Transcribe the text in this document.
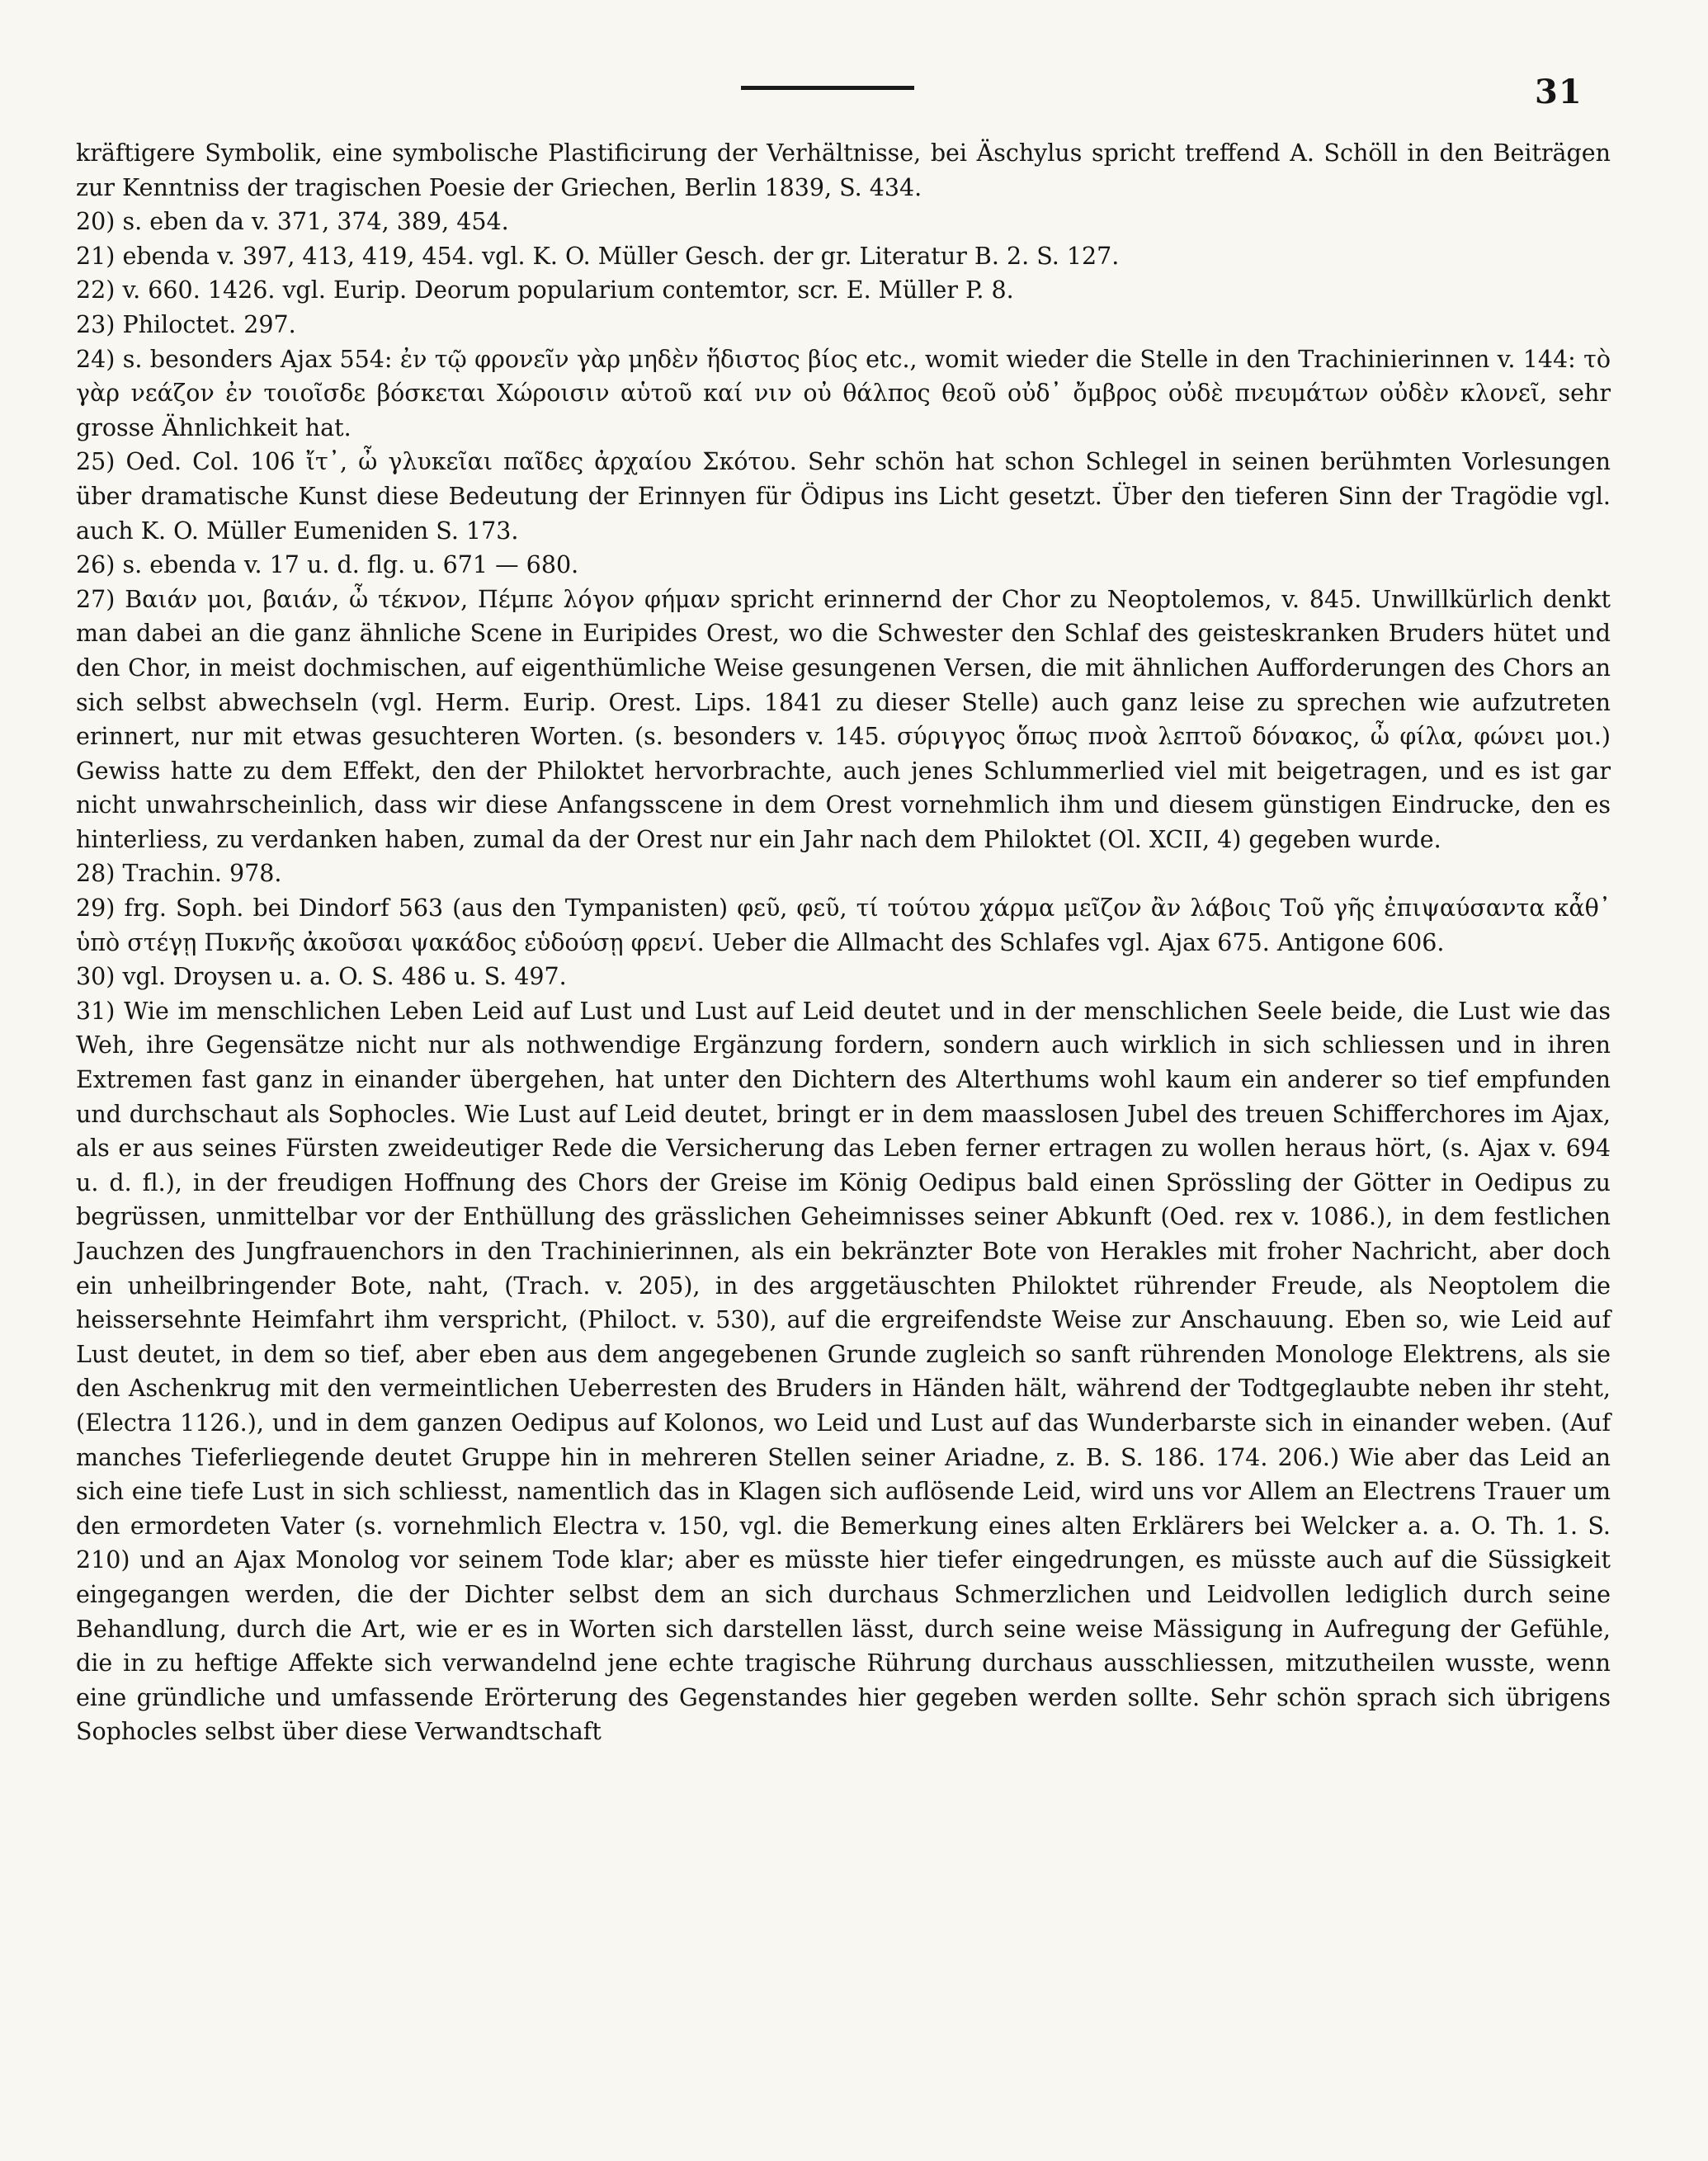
31

kräftigere Symbolik, eine symbolische Plastificirung der Verhältnisse, bei Äschylus spricht treffend A. Schöll in den Beiträgen zur Kenntniss der tragischen Poesie der Griechen, Berlin 1839, S. 434.

20) s. eben da v. 371, 374, 389, 454.

21) ebenda v. 397, 413, 419, 454. vgl. K. O. Müller Gesch. der gr. Literatur B. 2. S. 127.

22) v. 660. 1426. vgl. Eurip. Deorum popularium contemtor, scr. E. Müller P. 8.

23) Philoctet. 297.

24) s. besonders Ajax 554: ἐν τῷ φρονεῖν γὰρ μηδὲν ἥδιστος βίος etc., womit wieder die Stelle in den Trachinierinnen v. 144: τὸ γὰρ νεάζον ἐν τοιοῖσδε βόσκεται Χώροισιν αὑτοῦ καί νιν οὐ θάλπος θεοῦ οὐδ᾽ ὄμβρος οὐδὲ πνευμάτων οὐδὲν κλονεῖ, sehr grosse Ähnlichkeit hat.

25) Oed. Col. 106 ἴτ᾽, ὦ γλυκεῖαι παῖδες ἀρχαίου Σκότου. Sehr schön hat schon Schlegel in seinen berühmten Vorlesungen über dramatische Kunst diese Bedeutung der Erinnyen für Ödipus ins Licht gesetzt. Über den tieferen Sinn der Tragödie vgl. auch K. O. Müller Eumeniden S. 173.

26) s. ebenda v. 17 u. d. flg. u. 671 — 680.

27) Βαιάν μοι, βαιάν, ὦ τέκνον, Πέμπε λόγον φήμαν spricht erinnernd der Chor zu Neoptolemos, v. 845. Unwillkürlich denkt man dabei an die ganz ähnliche Scene in Euripides Orest, wo die Schwester den Schlaf des geisteskranken Bruders hütet und den Chor, in meist dochmischen, auf eigenthümliche Weise gesungenen Versen, die mit ähnlichen Aufforderungen des Chors an sich selbst abwechseln (vgl. Herm. Eurip. Orest. Lips. 1841 zu dieser Stelle) auch ganz leise zu sprechen wie aufzutreten erinnert, nur mit etwas gesuchteren Worten. (s. besonders v. 145. σύριγγος ὅπως πνοὰ λεπτοῦ δόνακος, ὦ φίλα, φώνει μοι.) Gewiss hatte zu dem Effekt, den der Philoktet hervorbrachte, auch jenes Schlummerlied viel mit beigetragen, und es ist gar nicht unwahrscheinlich, dass wir diese Anfangsscene in dem Orest vornehmlich ihm und diesem günstigen Eindrucke, den es hinterliess, zu verdanken haben, zumal da der Orest nur ein Jahr nach dem Philoktet (Ol. XCII, 4) gegeben wurde.

28) Trachin. 978.

29) frg. Soph. bei Dindorf 563 (aus den Tympanisten) φεῦ, φεῦ, τί τούτου χάρμα μεῖζον ἂν λάβοις Τοῦ γῆς ἐπιψαύσαντα κἆθ᾽ ὑπὸ στέγῃ Πυκνῆς ἀκοῦσαι ψακάδος εὑδούσῃ φρενί. Ueber die Allmacht des Schlafes vgl. Ajax 675. Antigone 606.

30) vgl. Droysen u. a. O. S. 486 u. S. 497.

31) Wie im menschlichen Leben Leid auf Lust und Lust auf Leid deutet und in der menschlichen Seele beide, die Lust wie das Weh, ihre Gegensätze nicht nur als nothwendige Ergänzung fordern, sondern auch wirklich in sich schliessen und in ihren Extremen fast ganz in einander übergehen, hat unter den Dichtern des Alterthums wohl kaum ein anderer so tief empfunden und durchschaut als Sophocles. Wie Lust auf Leid deutet, bringt er in dem maasslosen Jubel des treuen Schifferchores im Ajax, als er aus seines Fürsten zweideutiger Rede die Versicherung das Leben ferner ertragen zu wollen heraus hört, (s. Ajax v. 694 u. d. fl.), in der freudigen Hoffnung des Chors der Greise im König Oedipus bald einen Sprössling der Götter in Oedipus zu begrüssen, unmittelbar vor der Enthüllung des grässlichen Geheimnisses seiner Abkunft (Oed. rex v. 1086.), in dem festlichen Jauchzen des Jungfrauenchors in den Trachinierinnen, als ein bekränzter Bote von Herakles mit froher Nachricht, aber doch ein unheilbringender Bote, naht, (Trach. v. 205), in des arggetäuschten Philoktet rührender Freude, als Neoptolem die heissersehnte Heimfahrt ihm verspricht, (Philoct. v. 530), auf die ergreifendste Weise zur Anschauung. Eben so, wie Leid auf Lust deutet, in dem so tief, aber eben aus dem angegebenen Grunde zugleich so sanft rührenden Monologe Elektrens, als sie den Aschenkrug mit den vermeintlichen Ueberresten des Bruders in Händen hält, während der Todtgeglaubte neben ihr steht, (Electra 1126.), und in dem ganzen Oedipus auf Kolonos, wo Leid und Lust auf das Wunderbarste sich in einander weben. (Auf manches Tieferliegende deutet Gruppe hin in mehreren Stellen seiner Ariadne, z. B. S. 186. 174. 206.) Wie aber das Leid an sich eine tiefe Lust in sich schliesst, namentlich das in Klagen sich auflösende Leid, wird uns vor Allem an Electrens Trauer um den ermordeten Vater (s. vornehmlich Electra v. 150, vgl. die Bemerkung eines alten Erklärers bei Welcker a. a. O. Th. 1. S. 210) und an Ajax Monolog vor seinem Tode klar; aber es müsste hier tiefer eingedrungen, es müsste auch auf die Süssigkeit eingegangen werden, die der Dichter selbst dem an sich durchaus Schmerzlichen und Leidvollen lediglich durch seine Behandlung, durch die Art, wie er es in Worten sich darstellen lässt, durch seine weise Mässigung in Aufregung der Gefühle, die in zu heftige Affekte sich verwandelnd jene echte tragische Rührung durchaus ausschliessen, mitzutheilen wusste, wenn eine gründliche und umfassende Erörterung des Gegenstandes hier gegeben werden sollte. Sehr schön sprach sich übrigens Sophocles selbst über diese Verwandtschaft
